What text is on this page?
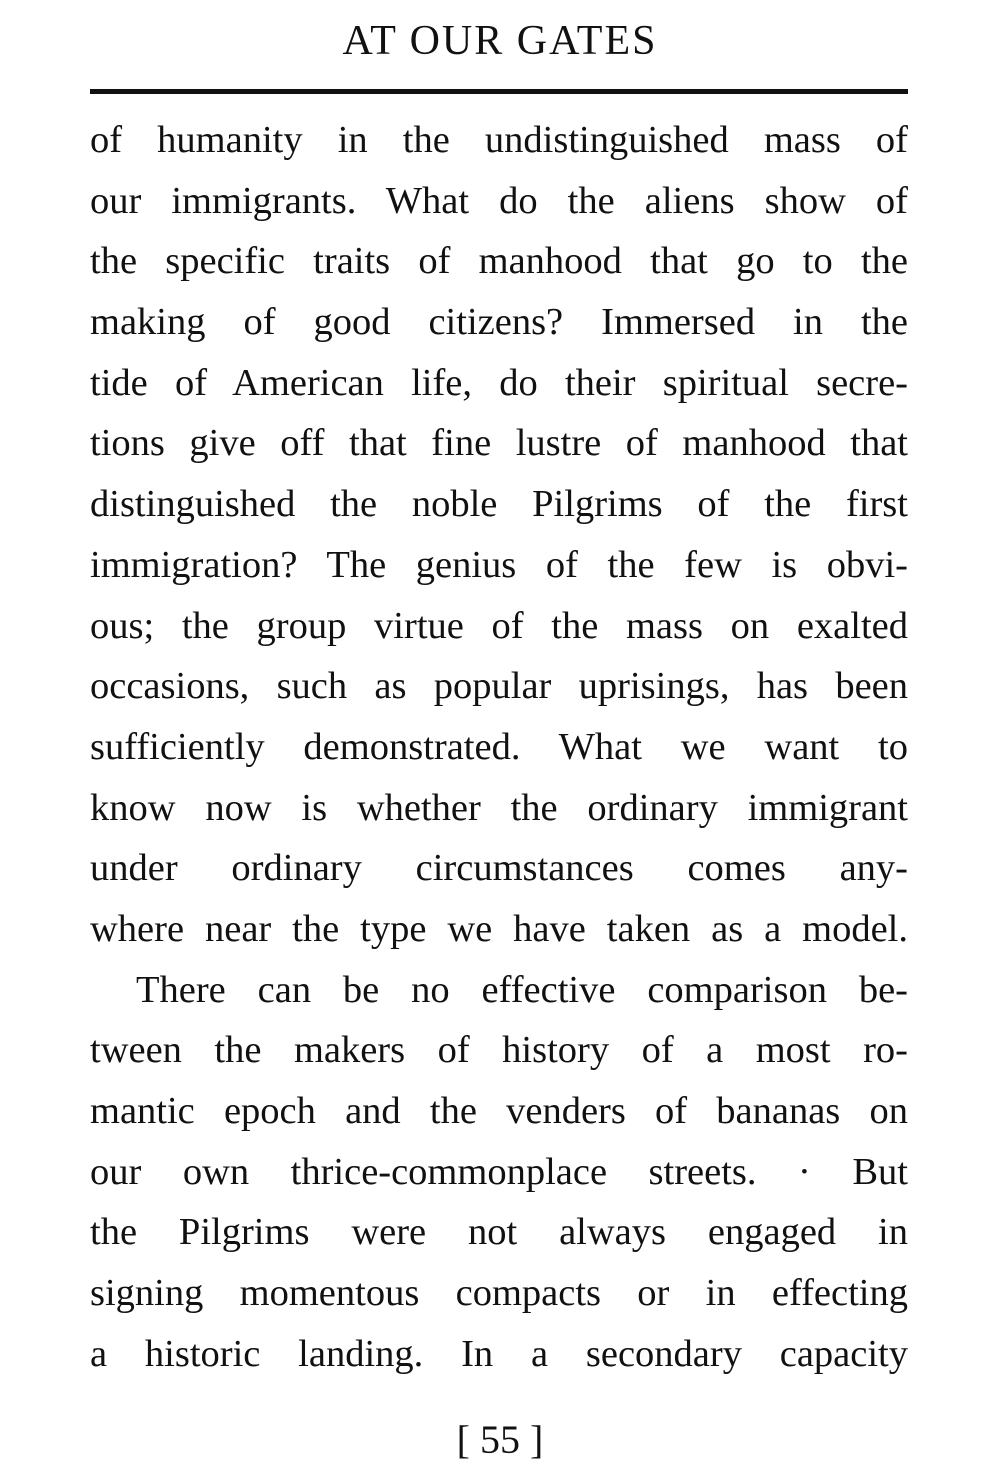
AT OUR GATES
of humanity in the undistinguished mass of
our immigrants. What do the aliens show of
the specific traits of manhood that go to the
making of good citizens? Immersed in the
tide of American life, do their spiritual secre-
tions give off that fine lustre of manhood that
distinguished the noble Pilgrims of the first
immigration? The genius of the few is obvi-
ous; the group virtue of the mass on exalted
occasions, such as popular uprisings, has been
sufficiently demonstrated. What we want to
know now is whether the ordinary immigrant
under ordinary circumstances comes any-
where near the type we have taken as a model.
There can be no effective comparison be-
tween the makers of history of a most ro-
mantic epoch and the venders of bananas on
our own thrice-commonplace streets. · But
the Pilgrims were not always engaged in
signing momentous compacts or in effecting
a historic landing. In a secondary capacity
[ 55 ]
